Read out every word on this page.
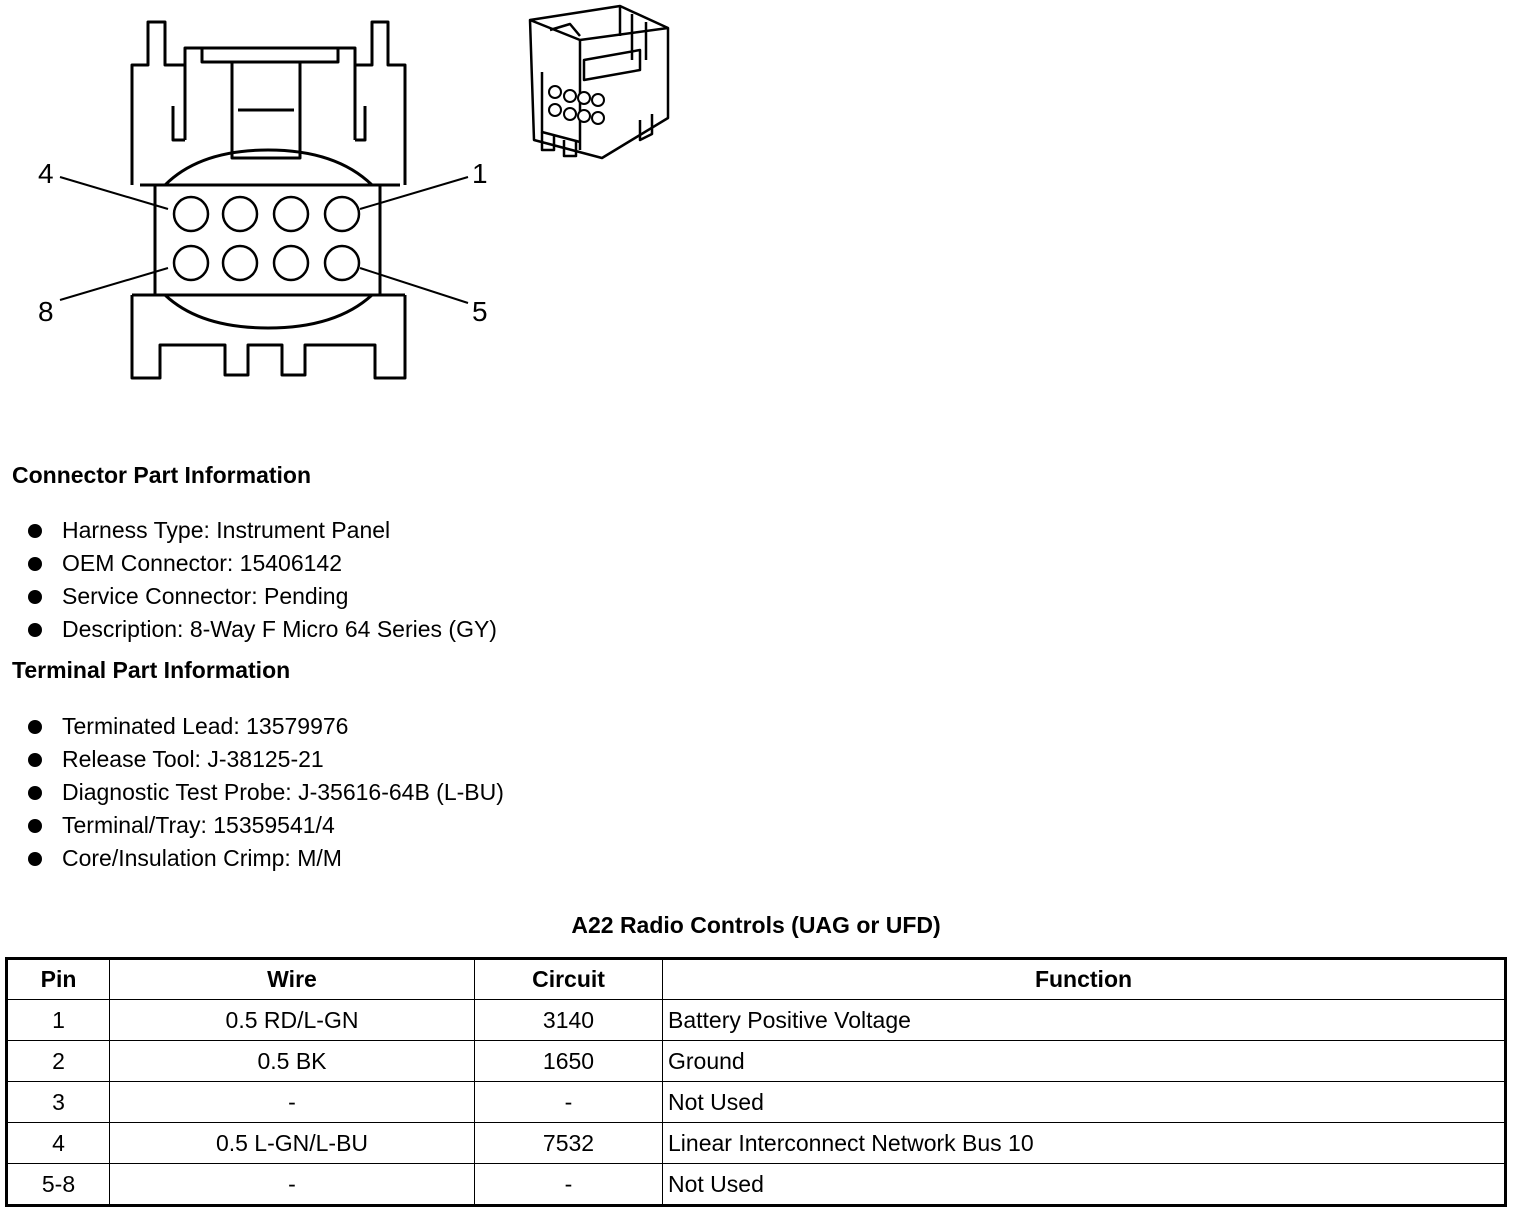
4	1
8	5
Connector Part Information
Harness Type: Instrument Panel
OEM Connector: 15406142
Service Connector: Pending
Description: 8-Way F Micro 64 Series (GY)
Terminal Part Information
Terminated Lead: 13579976
Release Tool: J-38125-21
Diagnostic Test Probe: J-35616-64B (L-BU)
Terminal/Tray: 15359541/4
Core/Insulation Crimp: M/M
A22 Radio Controls (UAG or UFD)
Pin	Wire	Circuit	Function
1	0.5 RD/L-GN	3140	Battery Positive Voltage
2	0.5 BK	1650	Ground
3	-	-	Not Used
4	0.5 L-GN/L-BU	7532	Linear Interconnect Network Bus 10
5-8	-	-	Not Used
